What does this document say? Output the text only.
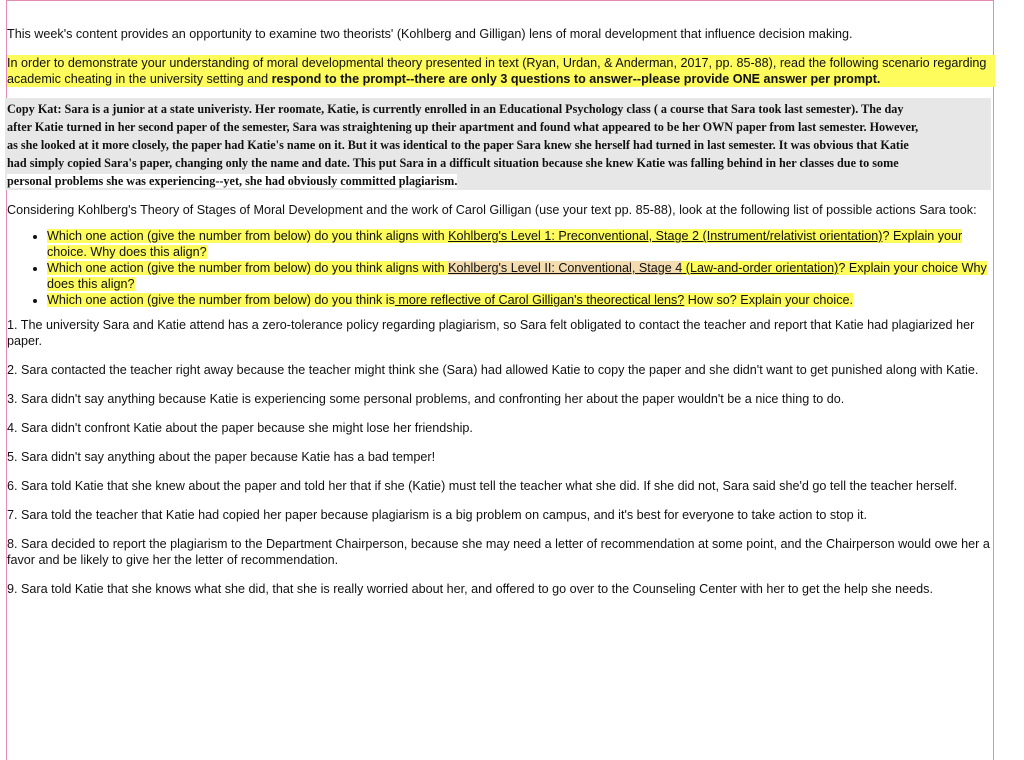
This week's content provides an opportunity to examine two theorists' (Kohlberg and Gilligan) lens of moral development that influence decision making.

In order to demonstrate your understanding of moral developmental theory presented in text (Ryan, Urdan, & Anderman, 2017, pp. 85-88), read the following scenario regarding academic cheating in the university setting and respond to the prompt--there are only 3 questions to answer--please provide ONE answer per prompt.

Copy Kat: Sara is a junior at a state univeristy. Her roomate, Katie, is currently enrolled in an Educational Psychology class ( a course that Sara took last semester). The day
after Katie turned in her second paper of the semester, Sara was straightening up their apartment and found what appeared to be her OWN paper from last semester. However,
as she looked at it more closely, the paper had Katie's name on it. But it was identical to the paper Sara knew she herself had turned in last semester. It was obvious that Katie
had simply copied Sara's paper, changing only the name and date. This put Sara in a difficult situation because she knew Katie was falling behind in her classes due to some
personal problems she was experiencing--yet, she had obviously committed plagiarism.

Considering Kohlberg's Theory of Stages of Moral Development and the work of Carol Gilligan (use your text pp. 85-88), look at the following list of possible actions Sara took:

• Which one action (give the number from below) do you think aligns with Kohlberg's Level 1: Preconventional, Stage 2 (Instrument/relativist orientation)? Explain your choice. Why does this align?
• Which one action (give the number from below) do you think aligns with Kohlberg's Level II: Conventional, Stage 4 (Law-and-order orientation)? Explain your choice Why does this align?
• Which one action (give the number from below) do you think is more reflective of Carol Gilligan's theorectical lens? How so? Explain your choice.

1. The university Sara and Katie attend has a zero-tolerance policy regarding plagiarism, so Sara felt obligated to contact the teacher and report that Katie had plagiarized her paper.

2. Sara contacted the teacher right away because the teacher might think she (Sara) had allowed Katie to copy the paper and she didn't want to get punished along with Katie.

3. Sara didn't say anything because Katie is experiencing some personal problems, and confronting her about the paper wouldn't be a nice thing to do.

4. Sara didn't confront Katie about the paper because she might lose her friendship.

5. Sara didn't say anything about the paper because Katie has a bad temper!

6. Sara told Katie that she knew about the paper and told her that if she (Katie) must tell the teacher what she did. If she did not, Sara said she'd go tell the teacher herself.

7. Sara told the teacher that Katie had copied her paper because plagiarism is a big problem on campus, and it's best for everyone to take action to stop it.

8. Sara decided to report the plagiarism to the Department Chairperson, because she may need a letter of recommendation at some point, and the Chairperson would owe her a favor and be likely to give her the letter of recommendation.

9. Sara told Katie that she knows what she did, that she is really worried about her, and offered to go over to the Counseling Center with her to get the help she needs.
